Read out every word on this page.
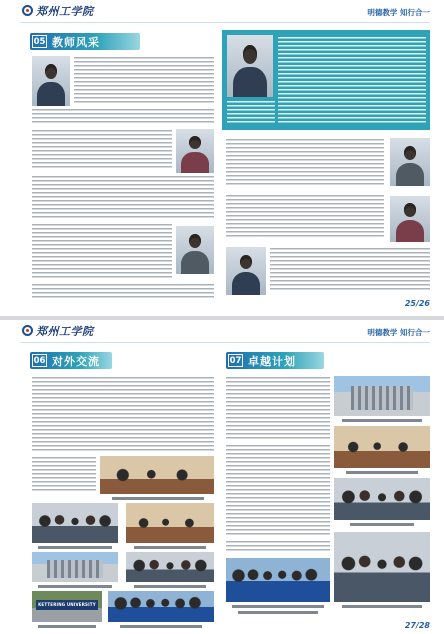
郑州工学院	明德教学 知行合一
05 教师风采
25/26
郑州工学院	明德教学 知行合一
06 对外交流	07 卓越计划
KETTERING UNIVERSITY
27/28
